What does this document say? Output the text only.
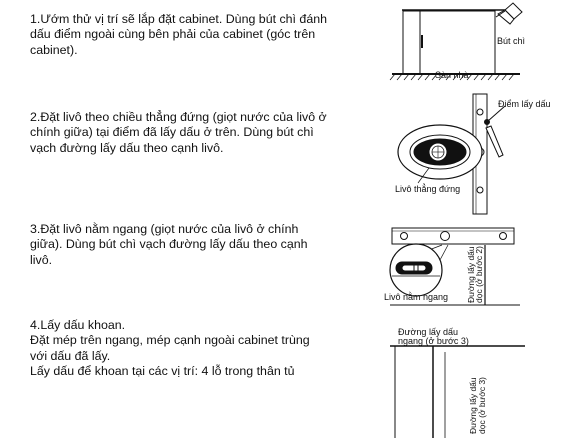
1.Ướm thử vị trí sẽ lắp đặt cabinet. Dùng bút chì đánh dấu điểm ngoài cùng bên phải của cabinet (góc trên cabinet).

2.Đặt livô theo chiều thẳng đứng (giọt nước của livô ở chính giữa) tại điểm đã lấy dấu ở trên. Dùng bút chì vạch đường lấy dấu theo cạnh livô.

3.Đặt livô nằm ngang (giọt nước của livô ở chính giữa). Dùng bút chì vạch đường lấy dấu theo cạnh livô.

4.Lấy dấu khoan.
Đặt mép trên ngang, mép cạnh ngoài cabinet trùng với dấu đã lấy.
Lấy dấu để khoan tại các vị trí: 4 lỗ trong thân tủ
Bút chì
Sàn nhà
Điểm lấy dấu
Livô thẳng đứng
Livô nằm ngang Đường lấy dấu
dọc (ở bước 2)
Đường lấy dấu
ngang (ở bước 3)
Đường lấy dấu dọc (ở bước 3)
